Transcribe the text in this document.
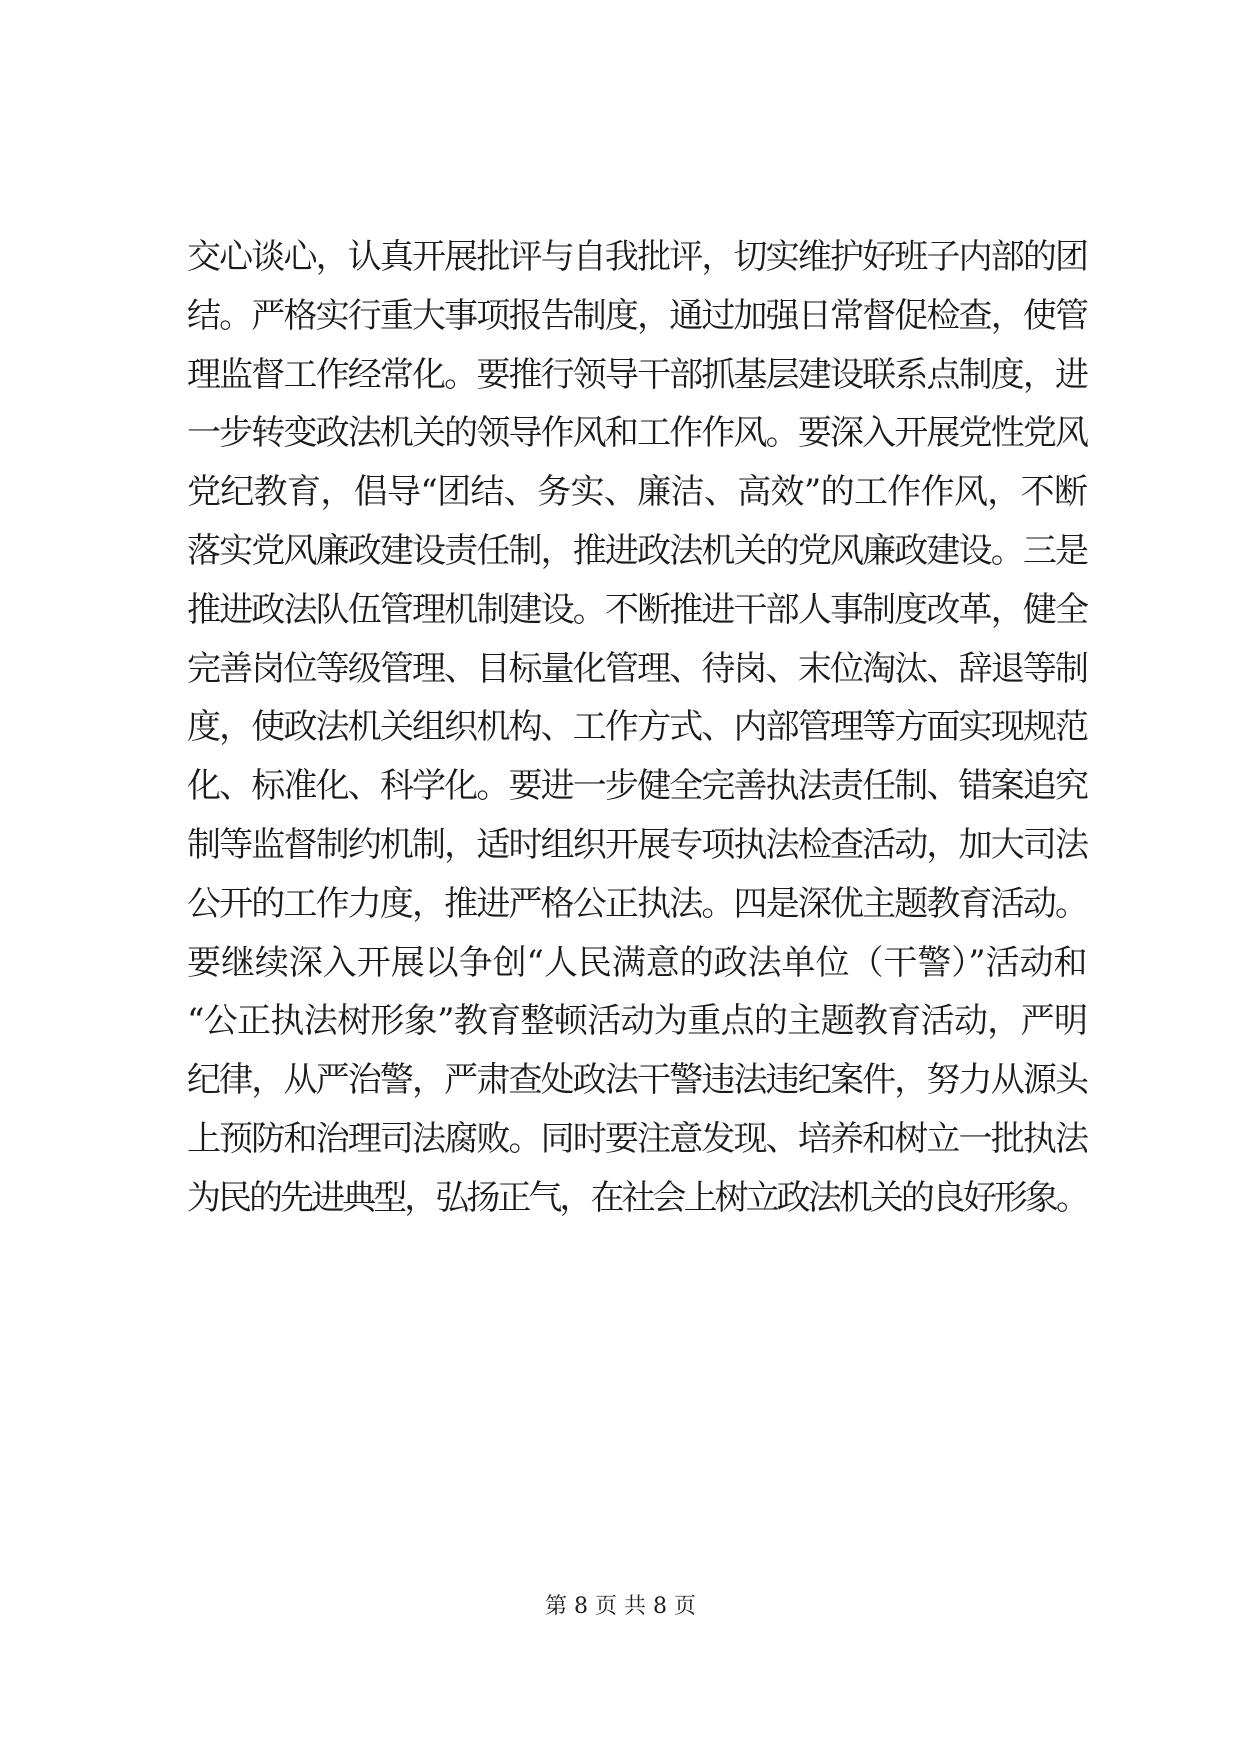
交心谈心，认真开展批评与自我批评，切实维护好班子内部的团
结。严格实行重大事项报告制度，通过加强日常督促检查，使管
理监督工作经常化。要推行领导干部抓基层建设联系点制度，进
一步转变政法机关的领导作风和工作作风。要深入开展党性党风
党纪教育，倡导“团结、务实、廉洁、高效”的工作作风，不断
落实党风廉政建设责任制，推进政法机关的党风廉政建设。三是
推进政法队伍管理机制建设。不断推进干部人事制度改革，健全
完善岗位等级管理、目标量化管理、待岗、末位淘汰、辞退等制
度，使政法机关组织机构、工作方式、内部管理等方面实现规范
化、标准化、科学化。要进一步健全完善执法责任制、错案追究
制等监督制约机制，适时组织开展专项执法检查活动，加大司法
公开的工作力度，推进严格公正执法。四是深优主题教育活动。
要继续深入开展以争创“人民满意的政法单位（干警）”活动和
“公正执法树形象”教育整顿活动为重点的主题教育活动，严明
纪律，从严治警，严肃查处政法干警违法违纪案件，努力从源头
上预防和治理司法腐败。同时要注意发现、培养和树立一批执法
为民的先进典型，弘扬正气，在社会上树立政法机关的良好形象。
第 8 页 共 8 页
